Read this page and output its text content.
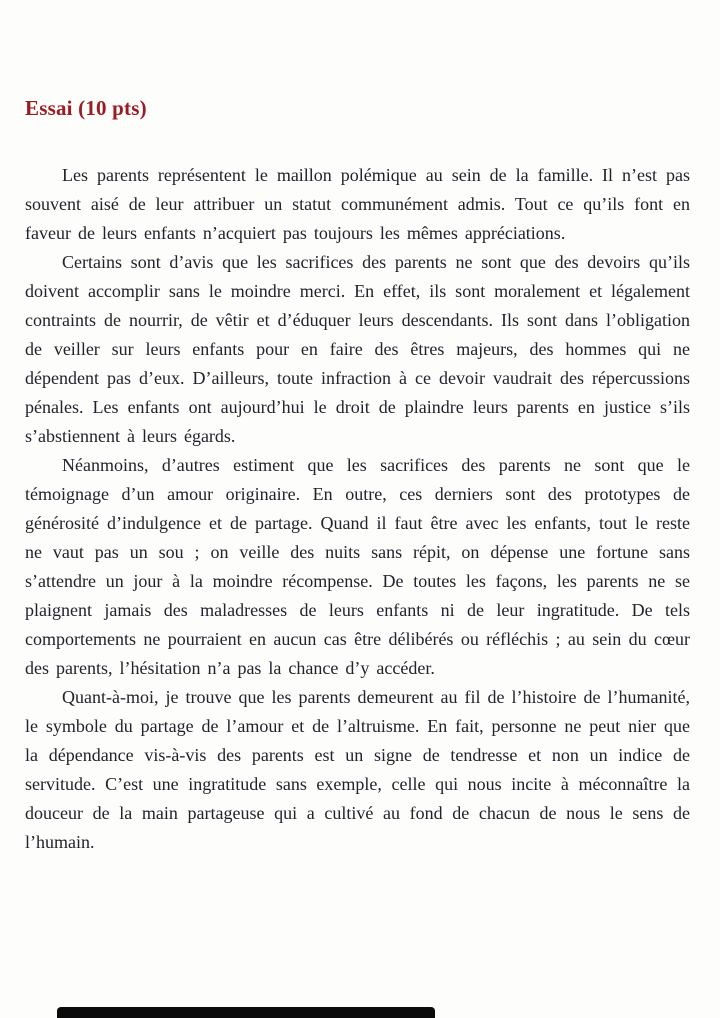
Essai (10 pts)

Les parents représentent le maillon polémique au sein de la famille. Il n’est pas souvent aisé de leur attribuer un statut communément admis. Tout ce qu’ils font en faveur de leurs enfants n’acquiert pas toujours les mêmes appréciations.

Certains sont d’avis que les sacrifices des parents ne sont que des devoirs qu’ils doivent accomplir sans le moindre merci. En effet, ils sont moralement et légalement contraints de nourrir, de vêtir et d’éduquer leurs descendants. Ils sont dans l’obligation de veiller sur leurs enfants pour en faire des êtres majeurs, des hommes qui ne dépendent pas d’eux. D’ailleurs, toute infraction à ce devoir vaudrait des répercussions pénales. Les enfants ont aujourd’hui le droit de plaindre leurs parents en justice s’ils s’abstiennent à leurs égards.

Néanmoins, d’autres estiment que les sacrifices des parents ne sont que le témoignage d’un amour originaire. En outre, ces derniers sont des prototypes de générosité d’indulgence et de partage. Quand il faut être avec les enfants, tout le reste ne vaut pas un sou ; on veille des nuits sans répit, on dépense une fortune sans s’attendre un jour à la moindre récompense. De toutes les façons, les parents ne se plaignent jamais des maladresses de leurs enfants ni de leur ingratitude. De tels comportements ne pourraient en aucun cas être délibérés ou réfléchis ; au sein du cœur des parents, l’hésitation n’a pas la chance d’y accéder.

Quant-à-moi, je trouve que les parents demeurent au fil de l’histoire de l’humanité, le symbole du partage de l’amour et de l’altruisme. En fait, personne ne peut nier que la dépendance vis-à-vis des parents est un signe de tendresse et non un indice de servitude. C’est une ingratitude sans exemple, celle qui nous incite à méconnaître la douceur de la main partageuse qui a cultivé au fond de chacun de nous le sens de l’humain.
